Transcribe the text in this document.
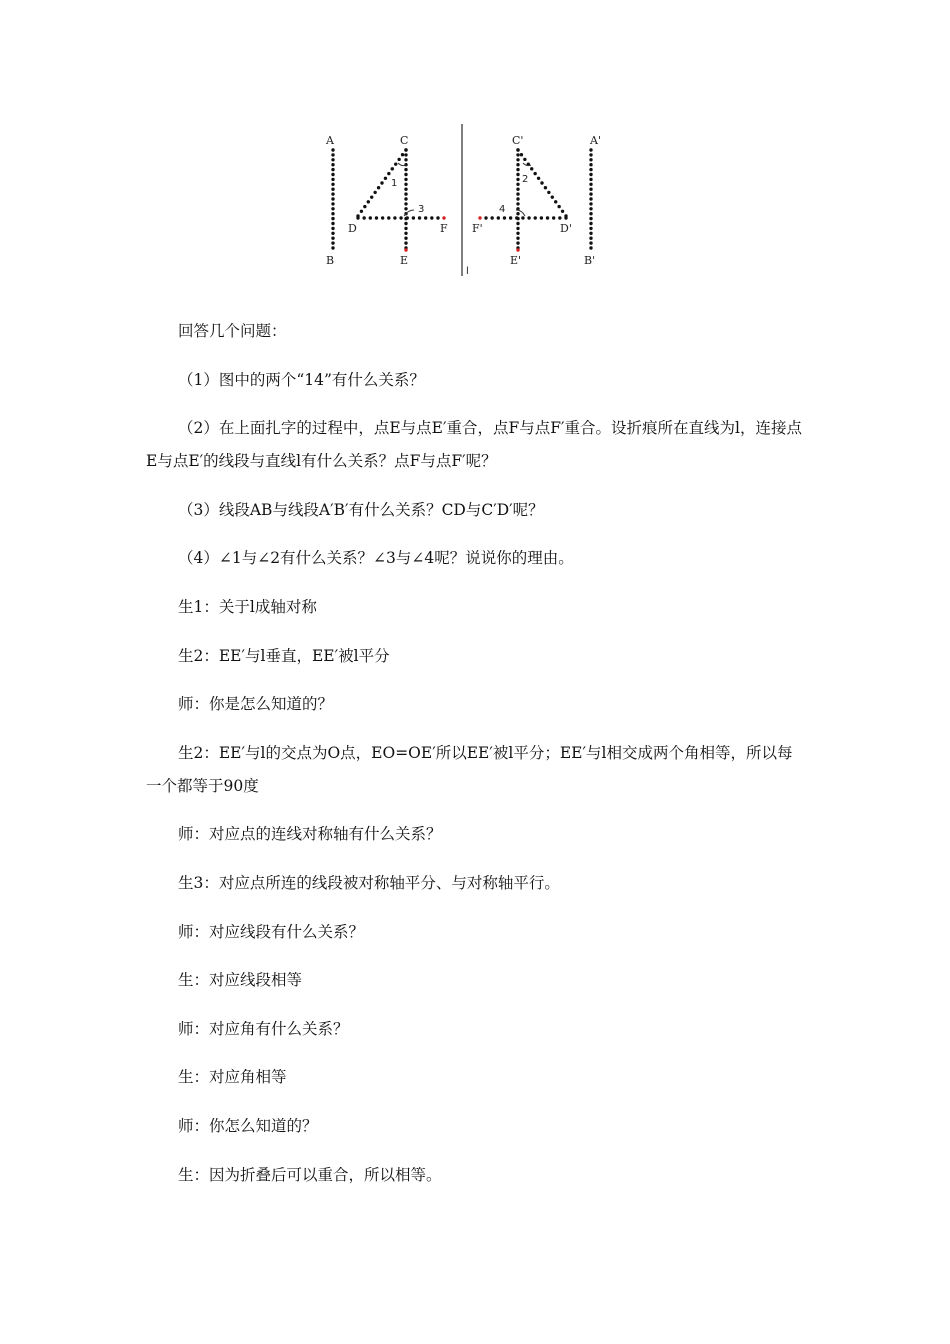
A
B
C
D
E
F
A'
B'
C'
D'
E'
F'
1	2
3	4
l

回答几个问题：

（1）图中的两个“14”有什么关系？

（2）在上面扎字的过程中，点E与点E′重合，点F与点F′重合。设折痕所在直线为l，连接点E与点E′的线段与直线l有什么关系？点F与点F′呢？

（3）线段AB与线段A′B′有什么关系？CD与C′D′呢？

（4）∠1与∠2有什么关系？∠3与∠4呢？说说你的理由。

生1：关于l成轴对称

生2：EE′与l垂直，EE′被l平分

师：你是怎么知道的？

生2：EE′与l的交点为O点，EO=OE′所以EE′被l平分；EE′与l相交成两个角相等，所以每一个都等于90度

师：对应点的连线对称轴有什么关系？

生3：对应点所连的线段被对称轴平分、与对称轴平行。

师：对应线段有什么关系？

生：对应线段相等

师：对应角有什么关系？

生：对应角相等

师：你怎么知道的？

生：因为折叠后可以重合，所以相等。
